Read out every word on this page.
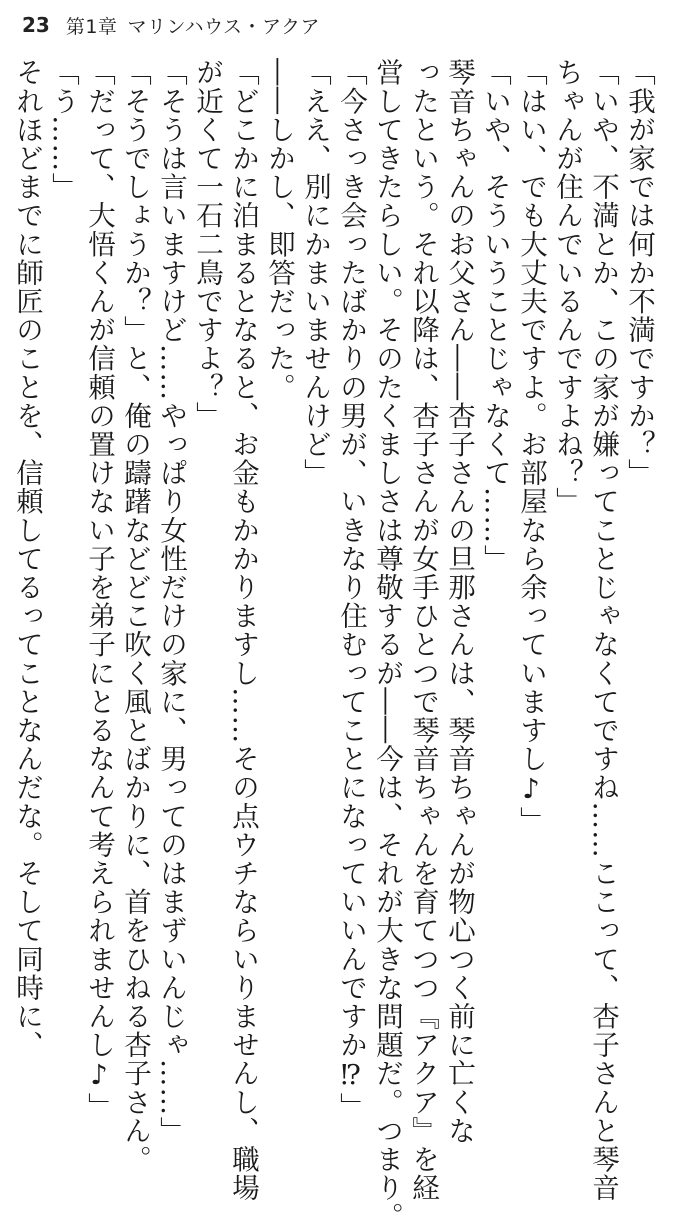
23 第1章 マリンハウス・アクア
「我が家では何か不満ですか？」
「いや、不満とか、この家が嫌ってことじゃなくてですね……ここって、杏子さんと琴音
ちゃんが住んでいるんですよね？」
「はい、でも大丈夫ですよ。お部屋なら余っていますし♪」
「いや、そういうことじゃなくて……」
琴音ちゃんのお父さん――杏子さんの旦那さんは、琴音ちゃんが物心つく前に亡くな
ったという。それ以降は、杏子さんが女手ひとつで琴音ちゃんを育てつつ『アクア』を経
営してきたらしい。そのたくましさは尊敬するが――今は、それが大きな問題だ。つまり。
「今さっき会ったばかりの男が、いきなり住むってことになっていいんですか⁉」
「ええ、別にかまいませんけど」
――しかし、即答だった。
「どこかに泊まるとなると、お金もかかりますし……その点ウチならいりませんし、職場
が近くて一石二鳥ですよ？」
「そうは言いますけど……やっぱり女性だけの家に、男ってのはまずいんじゃ……」
「そうでしょうか？」と、俺の躊躇などどこ吹く風とばかりに、首をひねる杏子さん。
「だって、大悟くんが信頼の置けない子を弟子にとるなんて考えられませんし♪」
「う……」
それほどまでに師匠のことを、信頼してるってことなんだな。そして同時に、
